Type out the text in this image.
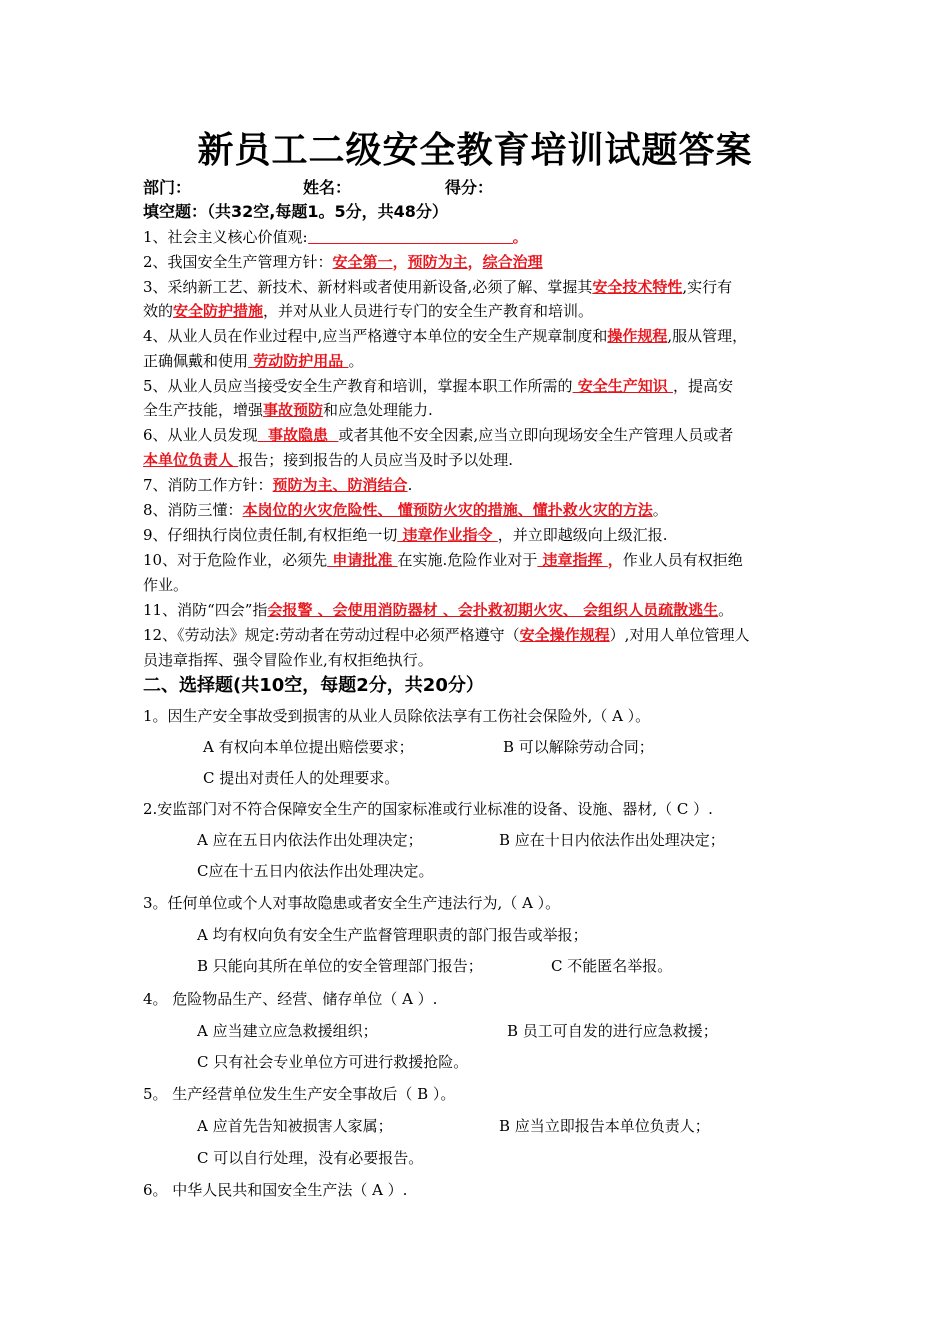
新员工二级安全教育培训试题答案
部门：	姓名：	得分：
填空题：（共32空,每题1。5分，共48分）
1、社会主义核心价值观:	。
2、我国安全生产管理方针：安全第一，预防为主，综合治理
3、采纳新工艺、新技术、新材料或者使用新设备,必须了解、掌握其安全技术特性,实行有
效的安全防护措施，并对从业人员进行专门的安全生产教育和培训。
4、从业人员在作业过程中,应当严格遵守本单位的安全生产规章制度和操作规程,服从管理，
正确佩戴和使用 劳动防护用品 。
5、从业人员应当接受安全生产教育和培训，掌握本职工作所需的 安全生产知识 ，提高安
全生产技能，增强事故预防和应急处理能力.
6、从业人员发现  事故隐患  或者其他不安全因素,应当立即向现场安全生产管理人员或者
本单位负责人 报告；接到报告的人员应当及时予以处理.
7、消防工作方针：预防为主、防消结合.
8、消防三懂：本岗位的火灾危险性、 懂预防火灾的措施、懂扑救火灾的方法。
9、仔细执行岗位责任制,有权拒绝一切 违章作业指令 ，并立即越级向上级汇报.
10、对于危险作业，必须先 申请批准 在实施.危险作业对于 违章指挥 ，作业人员有权拒绝
作业。
11、消防“四会”指会报警 、会使用消防器材 、会扑救初期火灾、 会组织人员疏散逃生。
12、《劳动法》规定:劳动者在劳动过程中必须严格遵守（安全操作规程）,对用人单位管理人
员违章指挥、强令冒险作业,有权拒绝执行。
二、选择题(共10空，每题2分，共20分）
1。因生产安全事故受到损害的从业人员除依法享有工伤社会保险外,（ A ）。
A 有权向本单位提出赔偿要求；	B 可以解除劳动合同；
C 提出对责任人的处理要求。
2.安监部门对不符合保障安全生产的国家标准或行业标准的设备、设施、器材,（ C ）.
A 应在五日内依法作出处理决定；	B 应在十日内依法作出处理决定；
C应在十五日内依法作出处理决定。
3。任何单位或个人对事故隐患或者安全生产违法行为,（ A ）。
A 均有权向负有安全生产监督管理职责的部门报告或举报；
B 只能向其所在单位的安全管理部门报告；	C 不能匿名举报。
4。 危险物品生产、经营、储存单位（ A ）.
A 应当建立应急救援组织；	B 员工可自发的进行应急救援；
C 只有社会专业单位方可进行救援抢险。
5。 生产经营单位发生生产安全事故后（ B ）。
A 应首先告知被损害人家属；	B 应当立即报告本单位负责人；
C 可以自行处理，没有必要报告。
6。 中华人民共和国安全生产法（ A ）.
